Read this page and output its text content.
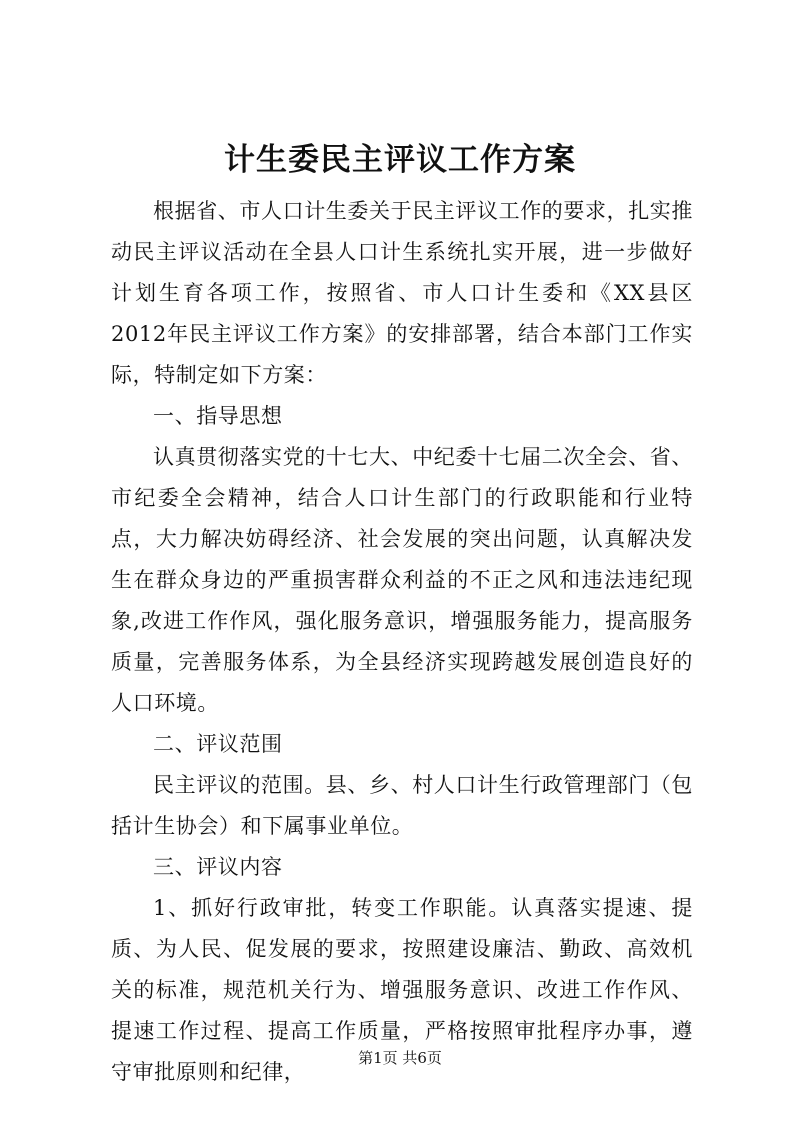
计生委民主评议工作方案

根据省、市人口计生委关于民主评议工作的要求，扎实推动民主评议活动在全县人口计生系统扎实开展，进一步做好计划生育各项工作，按照省、市人口计生委和《XX县区2012年民主评议工作方案》的安排部署，结合本部门工作实际，特制定如下方案：

一、指导思想

认真贯彻落实党的十七大、中纪委十七届二次全会、省、市纪委全会精神，结合人口计生部门的行政职能和行业特点，大力解决妨碍经济、社会发展的突出问题，认真解决发生在群众身边的严重损害群众利益的不正之风和违法违纪现象,改进工作作风，强化服务意识，增强服务能力，提高服务质量，完善服务体系，为全县经济实现跨越发展创造良好的人口环境。

二、评议范围

民主评议的范围。县、乡、村人口计生行政管理部门（包括计生协会）和下属事业单位。

三、评议内容

1、抓好行政审批，转变工作职能。认真落实提速、提质、为人民、促发展的要求，按照建设廉洁、勤政、高效机关的标准，规范机关行为、增强服务意识、改进工作作风、提速工作过程、提高工作质量，严格按照审批程序办事，遵守审批原则和纪律，

第1页 共6页
